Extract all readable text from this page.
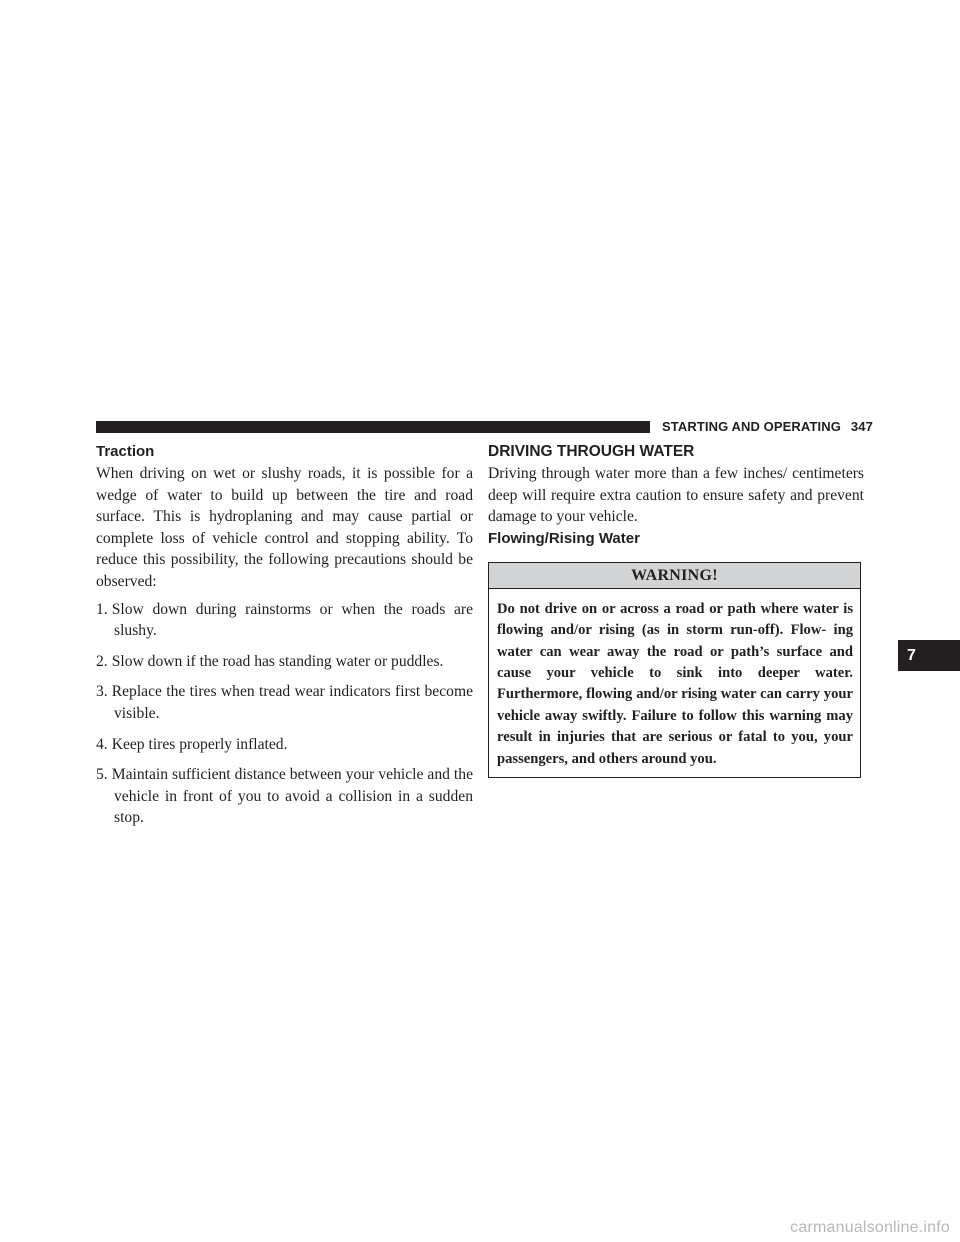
STARTING AND OPERATING 347
Traction

When driving on wet or slushy roads, it is possible for a wedge of water to build up between the tire and road surface. This is hydroplaning and may cause partial or complete loss of vehicle control and stopping ability. To reduce this possibility, the following precautions should be observed:

1. Slow down during rainstorms or when the roads are slushy.
2. Slow down if the road has standing water or puddles.
3. Replace the tires when tread wear indicators first become visible.
4. Keep tires properly inflated.
5. Maintain sufficient distance between your vehicle and the vehicle in front of you to avoid a collision in a sudden stop.
DRIVING THROUGH WATER

Driving through water more than a few inches/ centimeters deep will require extra caution to ensure safety and prevent damage to your vehicle.

Flowing/Rising Water
WARNING!
Do not drive on or across a road or path where water is flowing and/or rising (as in storm run-off). Flow- ing water can wear away the road or path’s surface and cause your vehicle to sink into deeper water. Furthermore, flowing and/or rising water can carry your vehicle away swiftly. Failure to follow this warning may result in injuries that are serious or fatal to you, your passengers, and others around you.
7
carmanualsonline.info
